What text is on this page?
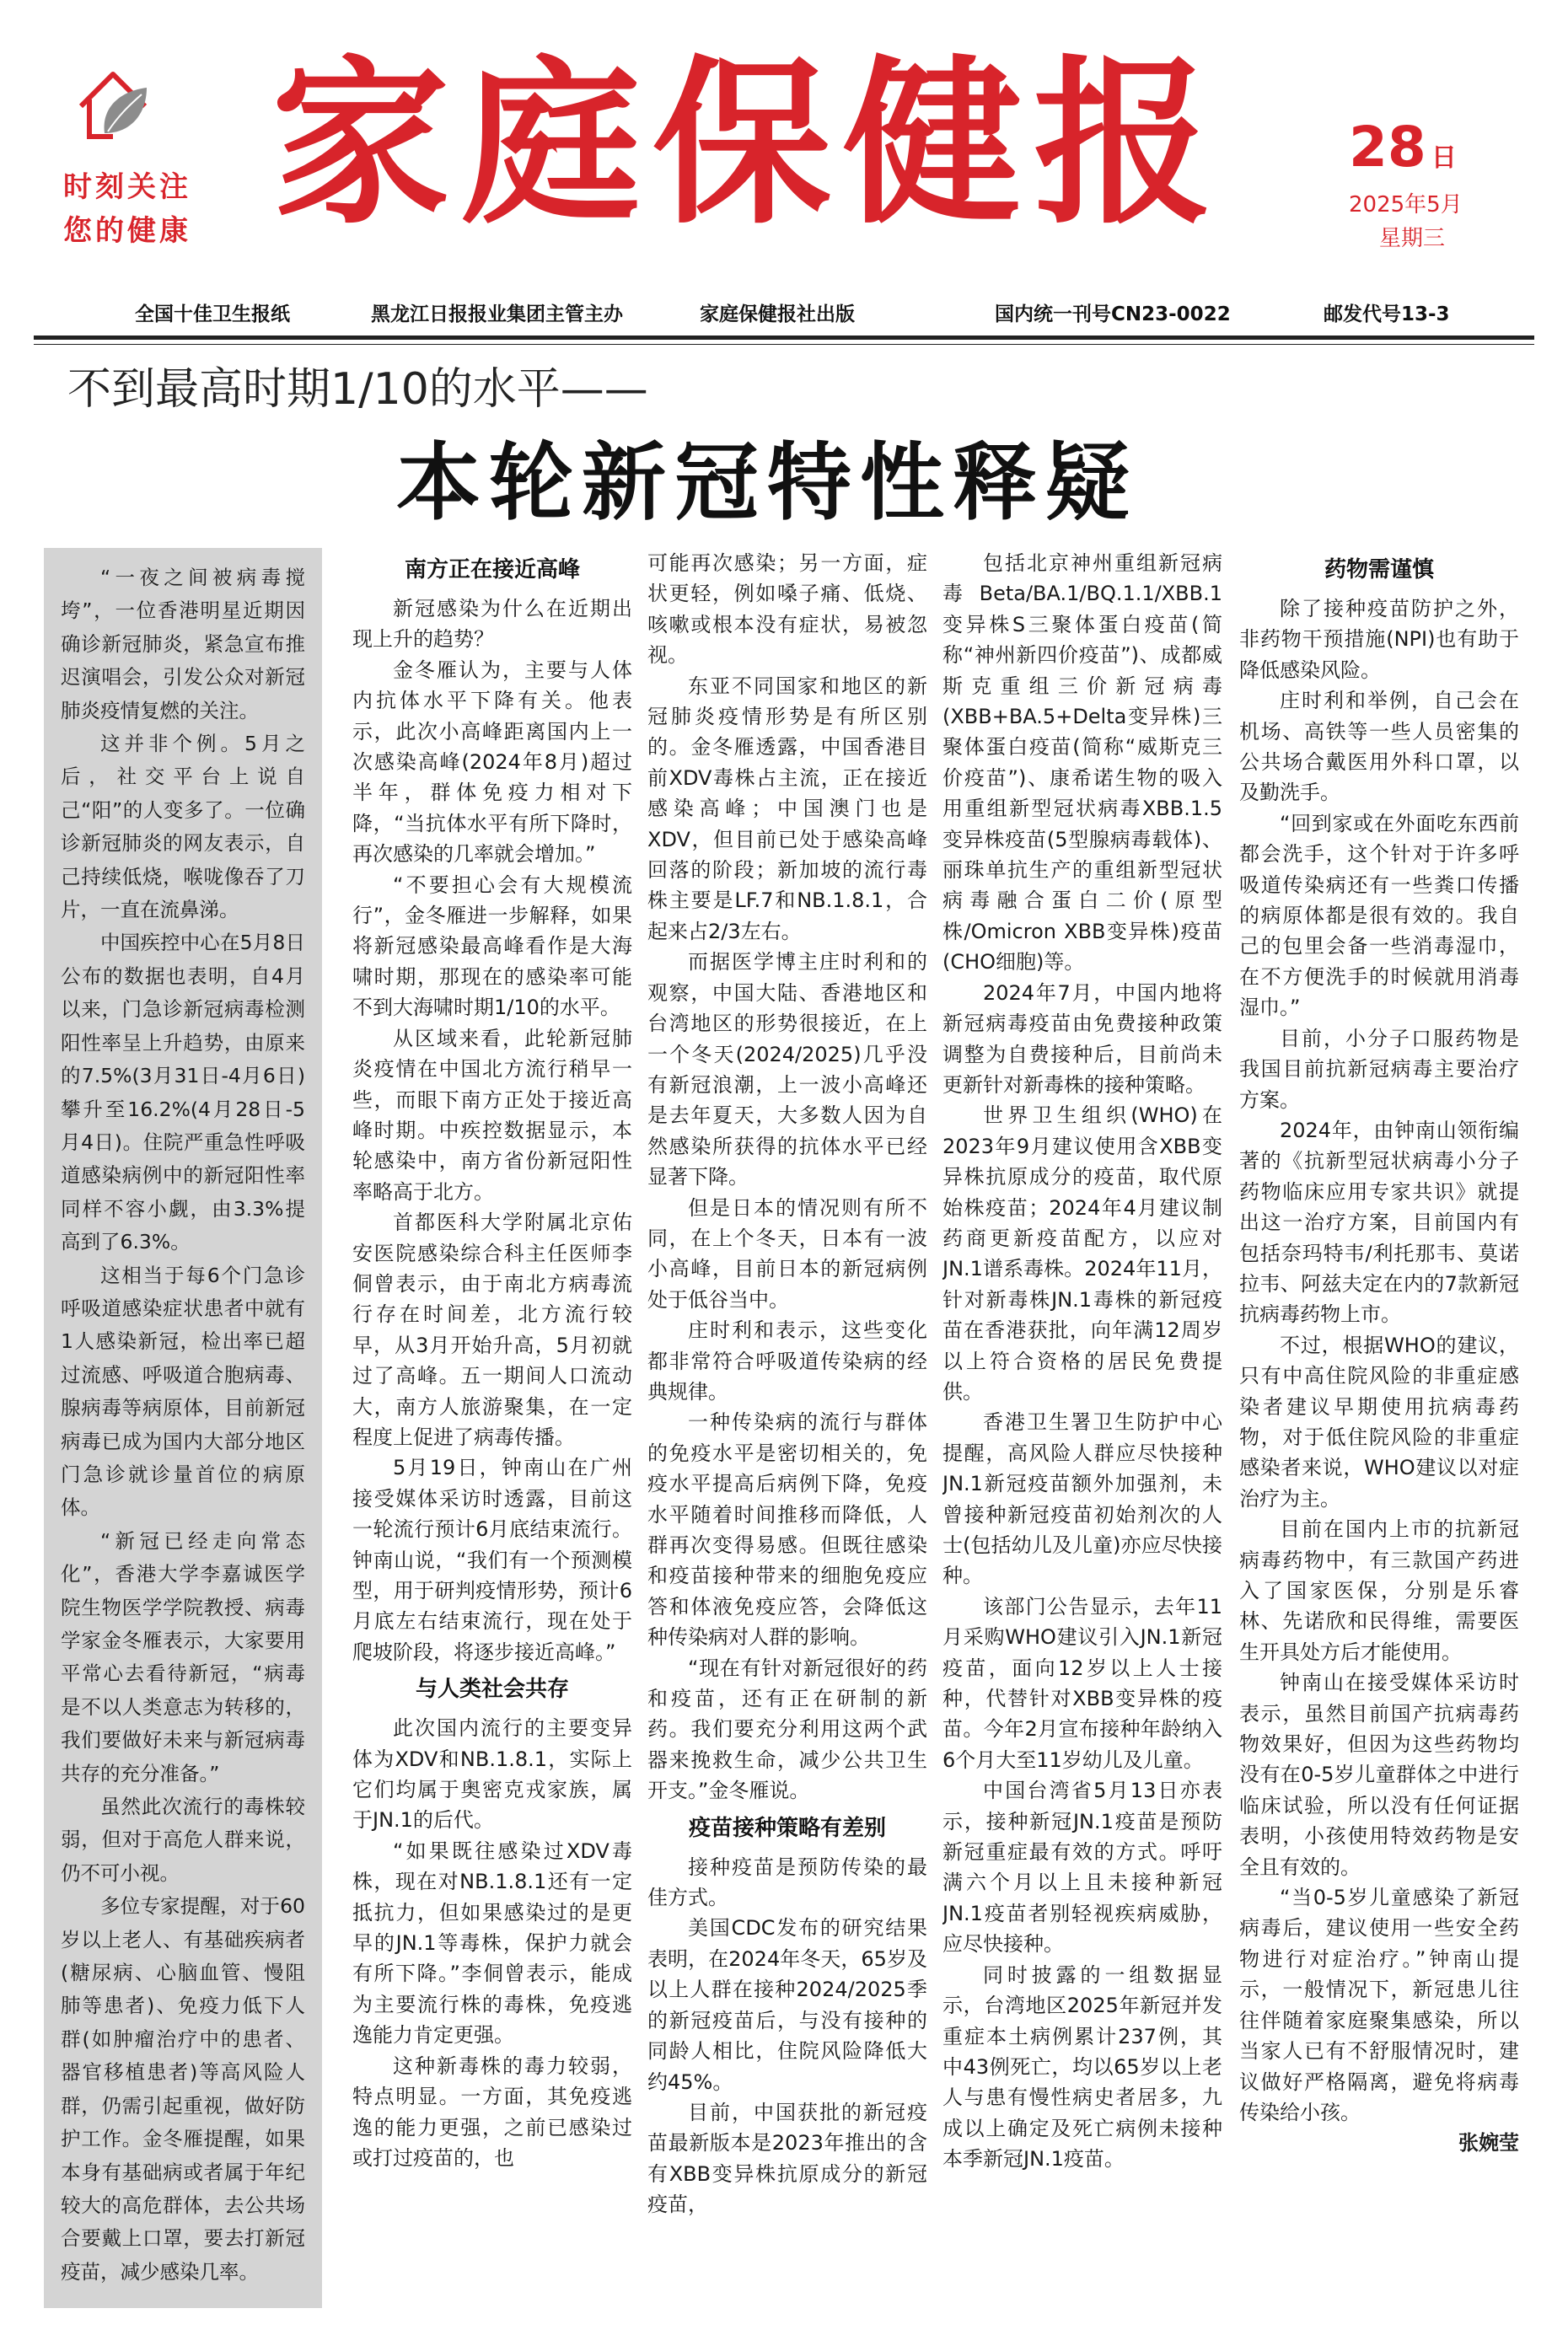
时刻关注
您的健康 家庭保健报	28 日
2025年5月
星期三
全国十佳卫生报纸	黑龙江日报报业集团主管主办	家庭保健报社出版	国内统一刊号CN23-0022	邮发代号13-3
不到最高时期1/10的水平——
本轮新冠特性释疑

“一夜之间被病毒搅垮”，一位香港明星近期因确诊新冠肺炎，紧急宣布推迟演唱会，引发公众对新冠肺炎疫情复燃的关注。

这并非个例。5月之后，社交平台上说自己“阳”的人变多了。一位确诊新冠肺炎的网友表示，自己持续低烧，喉咙像吞了刀片，一直在流鼻涕。

中国疾控中心在5月8日公布的数据也表明，自4月以来，门急诊新冠病毒检测阳性率呈上升趋势，由原来的7.5%(3月31日-4月6日)攀升至16.2%(4月28日-5月4日)。住院严重急性呼吸道感染病例中的新冠阳性率同样不容小觑，由3.3%提高到了6.3%。

这相当于每6个门急诊呼吸道感染症状患者中就有1人感染新冠，检出率已超过流感、呼吸道合胞病毒、腺病毒等病原体，目前新冠病毒已成为国内大部分地区门急诊就诊量首位的病原体。

“新冠已经走向常态化”，香港大学李嘉诚医学院生物医学学院教授、病毒学家金冬雁表示，大家要用平常心去看待新冠，“病毒是不以人类意志为转移的，我们要做好未来与新冠病毒共存的充分准备。”

虽然此次流行的毒株较弱，但对于高危人群来说，仍不可小视。

多位专家提醒，对于60岁以上老人、有基础疾病者(糖尿病、心脑血管、慢阻肺等患者)、免疫力低下人群(如肿瘤治疗中的患者、器官移植患者)等高风险人群，仍需引起重视，做好防护工作。金冬雁提醒，如果本身有基础病或者属于年纪较大的高危群体，去公共场合要戴上口罩，要去打新冠疫苗，减少感染几率。

南方正在接近高峰

新冠感染为什么在近期出现上升的趋势？

金冬雁认为，主要与人体内抗体水平下降有关。他表示，此次小高峰距离国内上一次感染高峰(2024年8月)超过半年，群体免疫力相对下降，“当抗体水平有所下降时，再次感染的几率就会增加。”

“不要担心会有大规模流行”，金冬雁进一步解释，如果将新冠感染最高峰看作是大海啸时期，那现在的感染率可能不到大海啸时期1/10的水平。

从区域来看，此轮新冠肺炎疫情在中国北方流行稍早一些，而眼下南方正处于接近高峰时期。中疾控数据显示，本轮感染中，南方省份新冠阳性率略高于北方。

首都医科大学附属北京佑安医院感染综合科主任医师李侗曾表示，由于南北方病毒流行存在时间差，北方流行较早，从3月开始升高，5月初就过了高峰。五一期间人口流动大，南方人旅游聚集，在一定程度上促进了病毒传播。

5月19日，钟南山在广州接受媒体采访时透露，目前这一轮流行预计6月底结束流行。钟南山说，“我们有一个预测模型，用于研判疫情形势，预计6月底左右结束流行，现在处于爬坡阶段，将逐步接近高峰。”

与人类社会共存

此次国内流行的主要变异体为XDV和NB.1.8.1，实际上它们均属于奥密克戎家族，属于JN.1的后代。

“如果既往感染过XDV毒株，现在对NB.1.8.1还有一定抵抗力，但如果感染过的是更早的JN.1等毒株，保护力就会有所下降。”李侗曾表示，能成为主要流行株的毒株，免疫逃逸能力肯定更强。

这种新毒株的毒力较弱，特点明显。一方面，其免疫逃逸的能力更强，之前已感染过或打过疫苗的，也

可能再次感染；另一方面，症状更轻，例如嗓子痛、低烧、咳嗽或根本没有症状，易被忽视。

东亚不同国家和地区的新冠肺炎疫情形势是有所区别的。金冬雁透露，中国香港目前XDV毒株占主流，正在接近感染高峰；中国澳门也是XDV，但目前已处于感染高峰回落的阶段；新加坡的流行毒株主要是LF.7和NB.1.8.1，合起来占2/3左右。

而据医学博主庄时利和的观察，中国大陆、香港地区和台湾地区的形势很接近，在上一个冬天(2024/2025)几乎没有新冠浪潮，上一波小高峰还是去年夏天，大多数人因为自然感染所获得的抗体水平已经显著下降。

但是日本的情况则有所不同，在上个冬天，日本有一波小高峰，目前日本的新冠病例处于低谷当中。

庄时利和表示，这些变化都非常符合呼吸道传染病的经典规律。

一种传染病的流行与群体的免疫水平是密切相关的，免疫水平提高后病例下降，免疫水平随着时间推移而降低，人群再次变得易感。但既往感染和疫苗接种带来的细胞免疫应答和体液免疫应答，会降低这种传染病对人群的影响。

“现在有针对新冠很好的药和疫苗，还有正在研制的新药。我们要充分利用这两个武器来挽救生命，减少公共卫生开支。”金冬雁说。

疫苗接种策略有差别

接种疫苗是预防传染的最佳方式。

美国CDC发布的研究结果表明，在2024年冬天，65岁及以上人群在接种2024/2025季的新冠疫苗后，与没有接种的同龄人相比，住院风险降低大约45%。

目前，中国获批的新冠疫苗最新版本是2023年推出的含有XBB变异株抗原成分的新冠疫苗，

包括北京神州重组新冠病毒Beta/BA.1/BQ.1.1/XBB.1变异株S三聚体蛋白疫苗(简称“神州新四价疫苗”)、成都威斯克重组三价新冠病毒(XBB+BA.5+Delta变异株)三聚体蛋白疫苗(简称“威斯克三价疫苗”)、康希诺生物的吸入用重组新型冠状病毒XBB.1.5变异株疫苗(5型腺病毒载体)、丽珠单抗生产的重组新型冠状病毒融合蛋白二价(原型株/Omicron XBB变异株)疫苗(CHO细胞)等。

2024年7月，中国内地将新冠病毒疫苗由免费接种政策调整为自费接种后，目前尚未更新针对新毒株的接种策略。

世界卫生组织(WHO)在2023年9月建议使用含XBB变异株抗原成分的疫苗，取代原始株疫苗；2024年4月建议制药商更新疫苗配方，以应对JN.1谱系毒株。2024年11月，针对新毒株JN.1毒株的新冠疫苗在香港获批，向年满12周岁以上符合资格的居民免费提供。

香港卫生署卫生防护中心提醒，高风险人群应尽快接种JN.1新冠疫苗额外加强剂，未曾接种新冠疫苗初始剂次的人士(包括幼儿及儿童)亦应尽快接种。

该部门公告显示，去年11月采购WHO建议引入JN.1新冠疫苗，面向12岁以上人士接种，代替针对XBB变异株的疫苗。今年2月宣布接种年龄纳入6个月大至11岁幼儿及儿童。

中国台湾省5月13日亦表示，接种新冠JN.1疫苗是预防新冠重症最有效的方式。呼吁满六个月以上且未接种新冠JN.1疫苗者别轻视疾病威胁，应尽快接种。

同时披露的一组数据显示，台湾地区2025年新冠并发重症本土病例累计237例，其中43例死亡，均以65岁以上老人与患有慢性病史者居多，九成以上确定及死亡病例未接种本季新冠JN.1疫苗。

药物需谨慎

除了接种疫苗防护之外，非药物干预措施(NPI)也有助于降低感染风险。

庄时利和举例，自己会在机场、高铁等一些人员密集的公共场合戴医用外科口罩，以及勤洗手。

“回到家或在外面吃东西前都会洗手，这个针对于许多呼吸道传染病还有一些粪口传播的病原体都是很有效的。我自己的包里会备一些消毒湿巾，在不方便洗手的时候就用消毒湿巾。”

目前，小分子口服药物是我国目前抗新冠病毒主要治疗方案。

2024年，由钟南山领衔编著的《抗新型冠状病毒小分子药物临床应用专家共识》就提出这一治疗方案，目前国内有包括奈玛特韦/利托那韦、莫诺拉韦、阿兹夫定在内的7款新冠抗病毒药物上市。

不过，根据WHO的建议，只有中高住院风险的非重症感染者建议早期使用抗病毒药物，对于低住院风险的非重症感染者来说，WHO建议以对症治疗为主。

目前在国内上市的抗新冠病毒药物中，有三款国产药进入了国家医保，分别是乐睿林、先诺欣和民得维，需要医生开具处方后才能使用。

钟南山在接受媒体采访时表示，虽然目前国产抗病毒药物效果好，但因为这些药物均没有在0-5岁儿童群体之中进行临床试验，所以没有任何证据表明，小孩使用特效药物是安全且有效的。

“当0-5岁儿童感染了新冠病毒后，建议使用一些安全药物进行对症治疗。”钟南山提示，一般情况下，新冠患儿往往伴随着家庭聚集感染，所以当家人已有不舒服情况时，建议做好严格隔离，避免将病毒传染给小孩。

张婉莹
